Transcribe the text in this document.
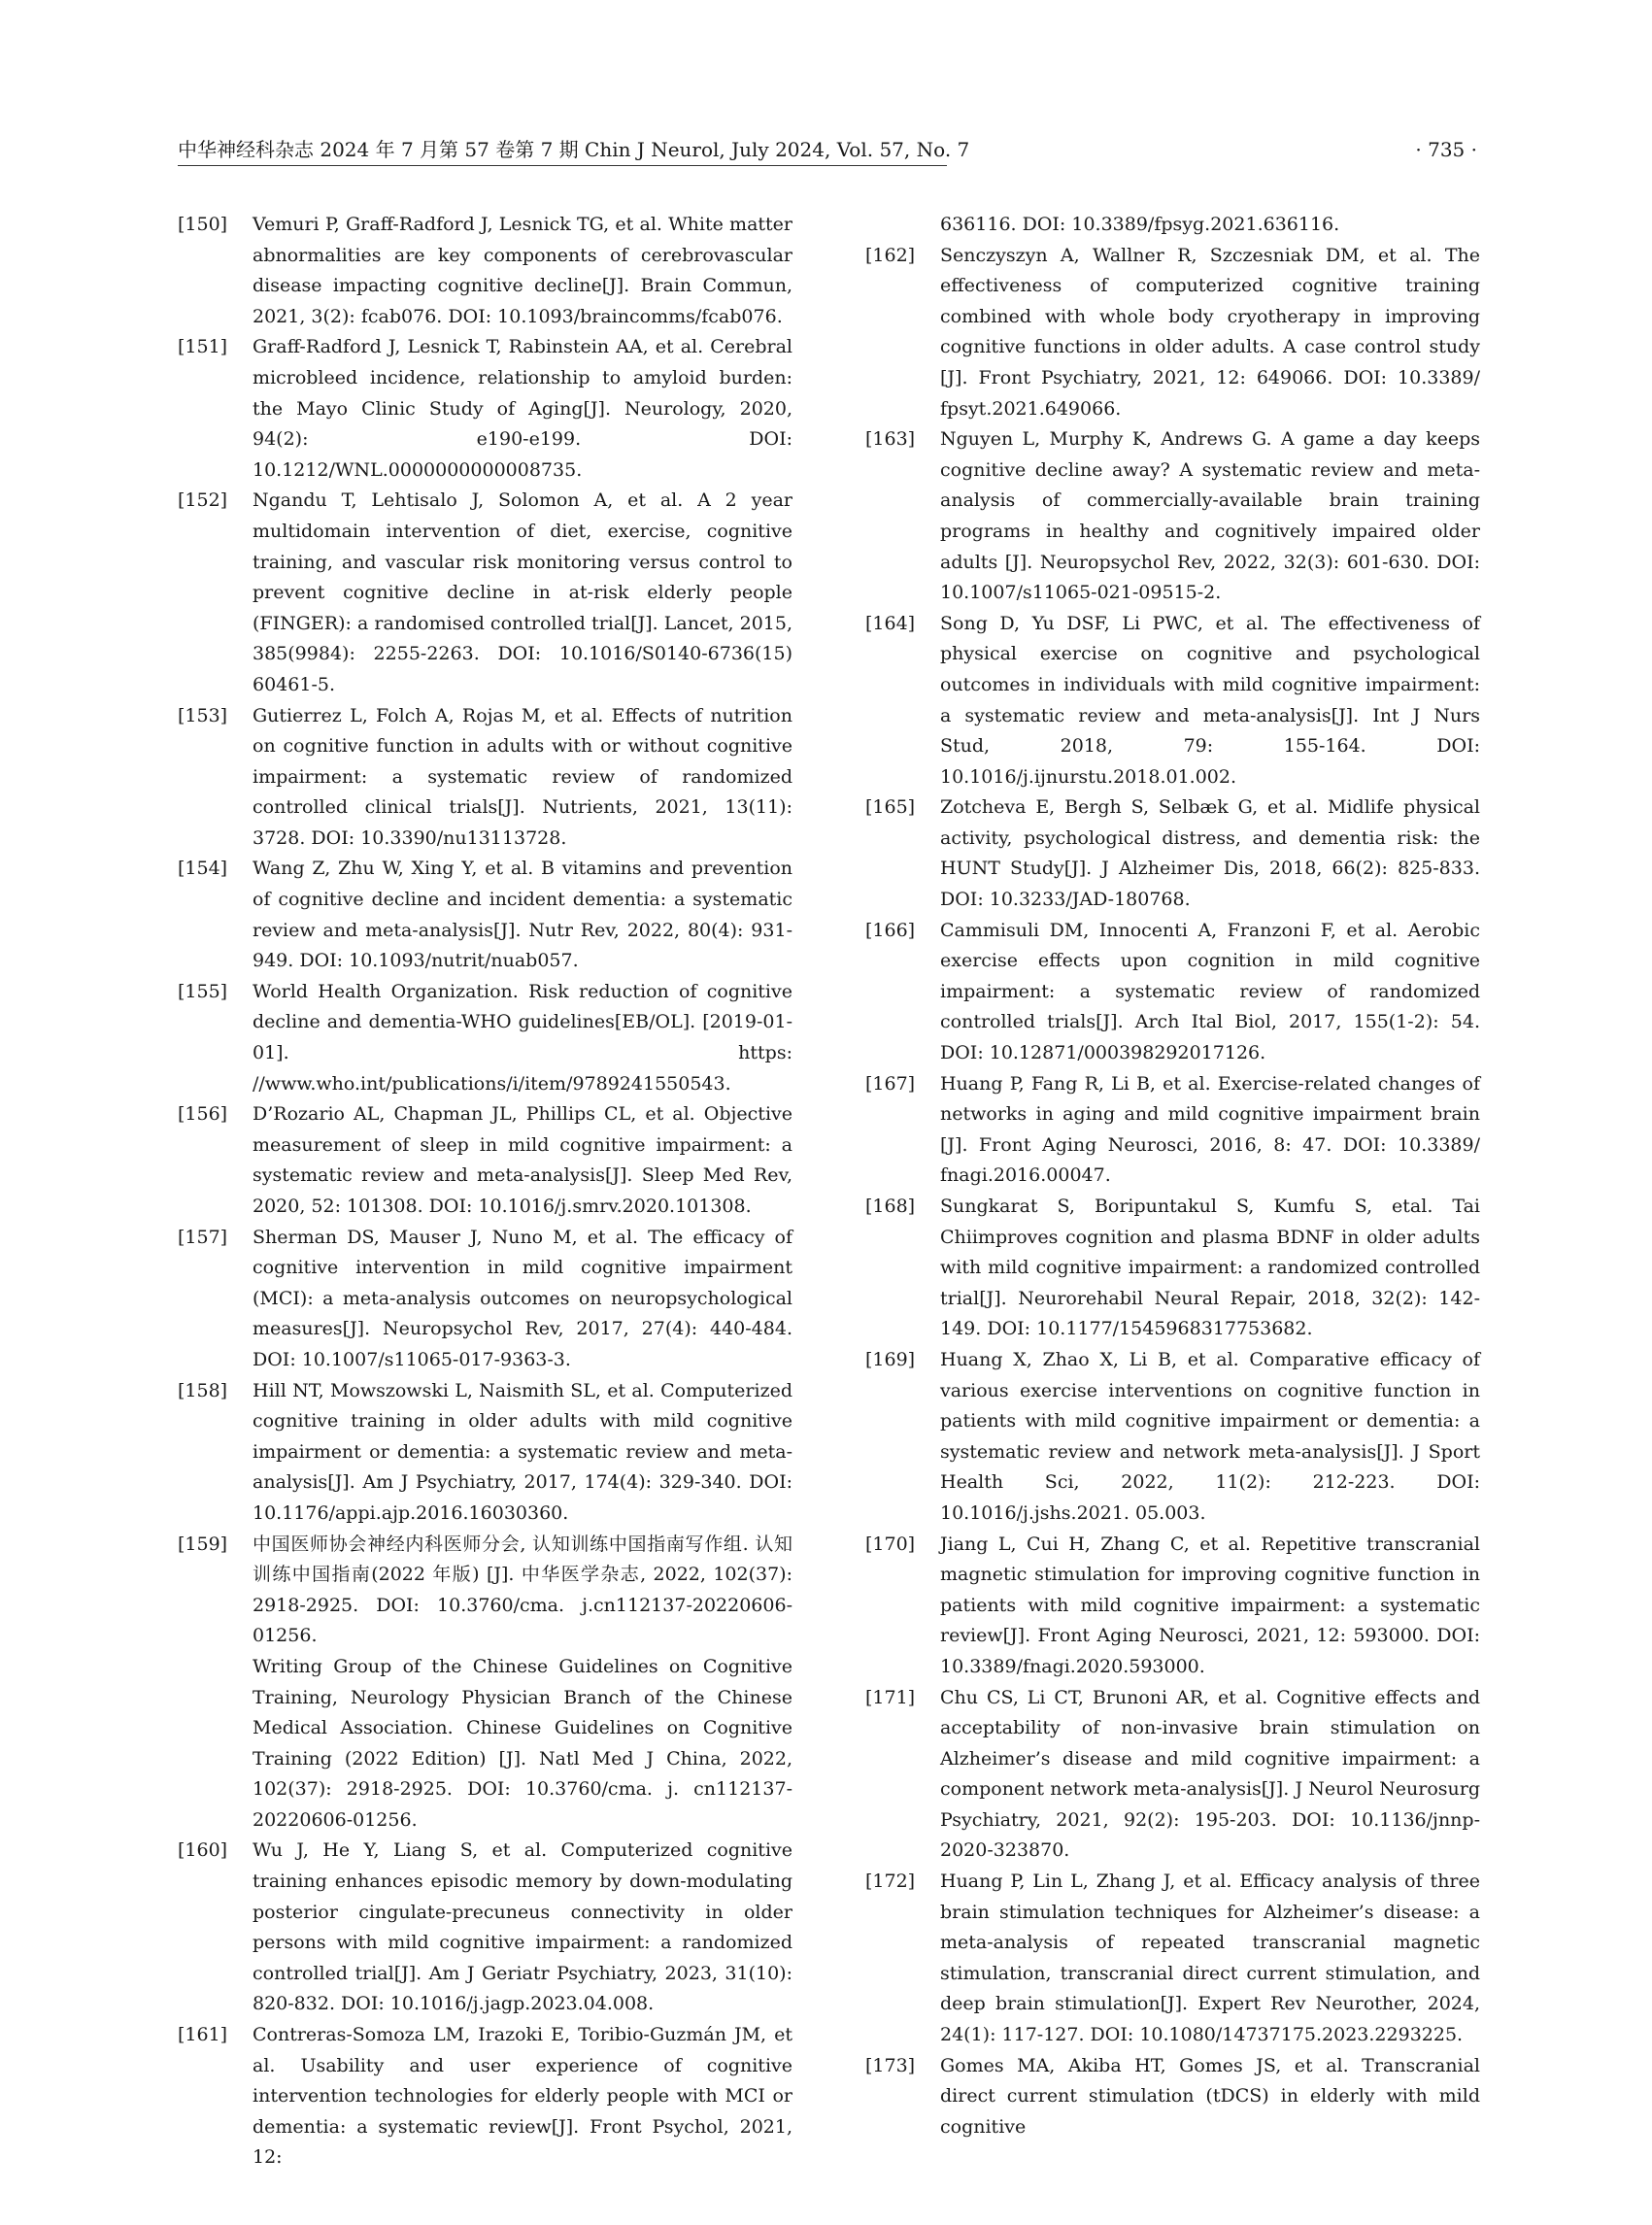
中华神经科杂志 2024 年 7 月第 57 卷第 7 期 Chin J Neurol, July 2024, Vol. 57, No. 7	· 735 ·
[150] Vemuri P, Graff-Radford J, Lesnick TG, et al. White matter abnormalities are key components of cerebrovascular disease impacting cognitive decline[J]. Brain Commun, 2021, 3(2): fcab076. DOI: 10.1093/braincomms/fcab076.
[151] Graff-Radford J, Lesnick T, Rabinstein AA, et al. Cerebral microbleed incidence, relationship to amyloid burden: the Mayo Clinic Study of Aging[J]. Neurology, 2020, 94(2): e190-e199. DOI: 10.1212/WNL.0000000000008735.
[152] Ngandu T, Lehtisalo J, Solomon A, et al. A 2 year multidomain intervention of diet, exercise, cognitive training, and vascular risk monitoring versus control to prevent cognitive decline in at-risk elderly people (FINGER): a randomised controlled trial[J]. Lancet, 2015, 385(9984): 2255-2263. DOI: 10.1016/S0140-6736(15) 60461-5.
[153] Gutierrez L, Folch A, Rojas M, et al. Effects of nutrition on cognitive function in adults with or without cognitive impairment: a systematic review of randomized controlled clinical trials[J]. Nutrients, 2021, 13(11): 3728. DOI: 10.3390/nu13113728.
[154] Wang Z, Zhu W, Xing Y, et al. B vitamins and prevention of cognitive decline and incident dementia: a systematic review and meta-analysis[J]. Nutr Rev, 2022, 80(4): 931-949. DOI: 10.1093/nutrit/nuab057.
[155] World Health Organization. Risk reduction of cognitive decline and dementia-WHO guidelines[EB/OL]. [2019-01-01]. https: //www.who.int/publications/i/item/9789241550543.
[156] D’Rozario AL, Chapman JL, Phillips CL, et al. Objective measurement of sleep in mild cognitive impairment: a systematic review and meta-analysis[J]. Sleep Med Rev, 2020, 52: 101308. DOI: 10.1016/j.smrv.2020.101308.
[157] Sherman DS, Mauser J, Nuno M, et al. The efficacy of cognitive intervention in mild cognitive impairment (MCI): a meta-analysis outcomes on neuropsychological measures[J]. Neuropsychol Rev, 2017, 27(4): 440-484. DOI: 10.1007/s11065-017-9363-3.
[158] Hill NT, Mowszowski L, Naismith SL, et al. Computerized cognitive training in older adults with mild cognitive impairment or dementia: a systematic review and meta-analysis[J]. Am J Psychiatry, 2017, 174(4): 329-340. DOI: 10.1176/appi.ajp.2016.16030360.
[159] 中国医师协会神经内科医师分会, 认知训练中国指南写作组. 认知训练中国指南(2022 年版) [J]. 中华医学杂志, 2022, 102(37): 2918-2925. DOI: 10.3760/cma. j.cn112137-20220606-01256.
Writing Group of the Chinese Guidelines on Cognitive Training, Neurology Physician Branch of the Chinese Medical Association. Chinese Guidelines on Cognitive Training (2022 Edition) [J]. Natl Med J China, 2022, 102(37): 2918-2925. DOI: 10.3760/cma. j. cn112137-20220606-01256.
[160] Wu J, He Y, Liang S, et al. Computerized cognitive training enhances episodic memory by down-modulating posterior cingulate-precuneus connectivity in older persons with mild cognitive impairment: a randomized controlled trial[J]. Am J Geriatr Psychiatry, 2023, 31(10): 820-832. DOI: 10.1016/j.jagp.2023.04.008.
[161] Contreras-Somoza LM, Irazoki E, Toribio-Guzmán JM, et al. Usability and user experience of cognitive intervention technologies for elderly people with MCI or dementia: a systematic review[J]. Front Psychol, 2021, 12:
636116. DOI: 10.3389/fpsyg.2021.636116.
[162] Senczyszyn A, Wallner R, Szczesniak DM, et al. The effectiveness of computerized cognitive training combined with whole body cryotherapy in improving cognitive functions in older adults. A case control study [J]. Front Psychiatry, 2021, 12: 649066. DOI: 10.3389/ fpsyt.2021.649066.
[163] Nguyen L, Murphy K, Andrews G. A game a day keeps cognitive decline away? A systematic review and meta-analysis of commercially-available brain training programs in healthy and cognitively impaired older adults [J]. Neuropsychol Rev, 2022, 32(3): 601-630. DOI: 10.1007/s11065-021-09515-2.
[164] Song D, Yu DSF, Li PWC, et al. The effectiveness of physical exercise on cognitive and psychological outcomes in individuals with mild cognitive impairment: a systematic review and meta-analysis[J]. Int J Nurs Stud, 2018, 79: 155-164. DOI: 10.1016/j.ijnurstu.2018.01.002.
[165] Zotcheva E, Bergh S, Selbæk G, et al. Midlife physical activity, psychological distress, and dementia risk: the HUNT Study[J]. J Alzheimer Dis, 2018, 66(2): 825-833. DOI: 10.3233/JAD-180768.
[166] Cammisuli DM, Innocenti A, Franzoni F, et al. Aerobic exercise effects upon cognition in mild cognitive impairment: a systematic review of randomized controlled trials[J]. Arch Ital Biol, 2017, 155(1-2): 54. DOI: 10.12871/000398292017126.
[167] Huang P, Fang R, Li B, et al. Exercise-related changes of networks in aging and mild cognitive impairment brain [J]. Front Aging Neurosci, 2016, 8: 47. DOI: 10.3389/ fnagi.2016.00047.
[168] Sungkarat S, Boripuntakul S, Kumfu S, etal. Tai Chiimproves cognition and plasma BDNF in older adults with mild cognitive impairment: a randomized controlled trial[J]. Neurorehabil Neural Repair, 2018, 32(2): 142-149. DOI: 10.1177/1545968317753682.
[169] Huang X, Zhao X, Li B, et al. Comparative efficacy of various exercise interventions on cognitive function in patients with mild cognitive impairment or dementia: a systematic review and network meta-analysis[J]. J Sport Health Sci, 2022, 11(2): 212-223. DOI: 10.1016/j.jshs.2021. 05.003.
[170] Jiang L, Cui H, Zhang C, et al. Repetitive transcranial magnetic stimulation for improving cognitive function in patients with mild cognitive impairment: a systematic review[J]. Front Aging Neurosci, 2021, 12: 593000. DOI: 10.3389/fnagi.2020.593000.
[171] Chu CS, Li CT, Brunoni AR, et al. Cognitive effects and acceptability of non-invasive brain stimulation on Alzheimer’s disease and mild cognitive impairment: a component network meta-analysis[J]. J Neurol Neurosurg Psychiatry, 2021, 92(2): 195-203. DOI: 10.1136/jnnp-2020-323870.
[172] Huang P, Lin L, Zhang J, et al. Efficacy analysis of three brain stimulation techniques for Alzheimer’s disease: a meta-analysis of repeated transcranial magnetic stimulation, transcranial direct current stimulation, and deep brain stimulation[J]. Expert Rev Neurother, 2024, 24(1): 117-127. DOI: 10.1080/14737175.2023.2293225.
[173] Gomes MA, Akiba HT, Gomes JS, et al. Transcranial direct current stimulation (tDCS) in elderly with mild cognitive
